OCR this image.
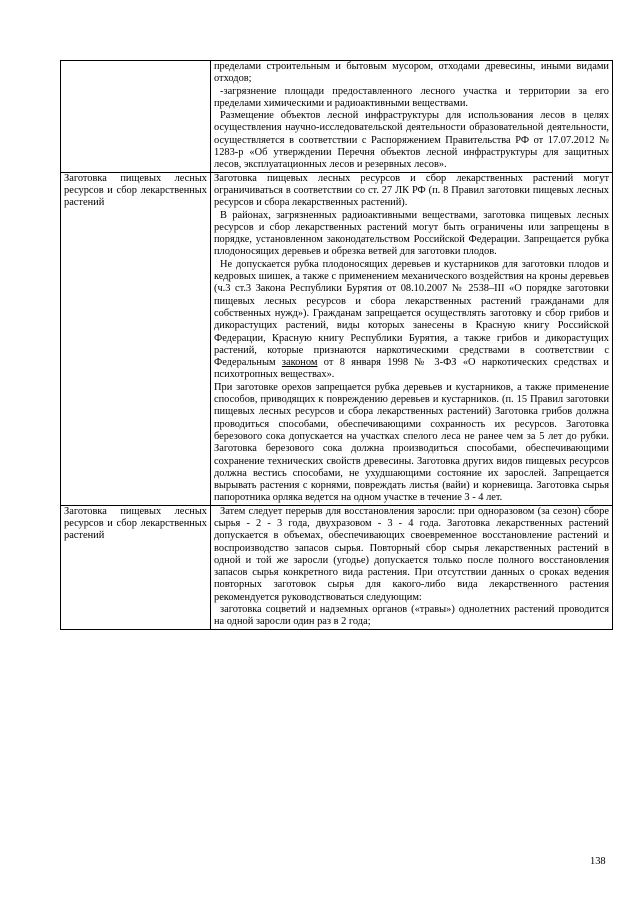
	пределами строительным и бытовым мусором, отходами древесины, иными видами отходов;

-загрязнение площади предоставленного лесного участка и территории за его пределами химическими и радиоактивными веществами.

Размещение объектов лесной инфраструктуры для использования лесов в целях осуществления научно-исследовательской деятельности образовательной деятельности, осуществляется в соответствии с Распоряжением Правительства РФ от 17.07.2012 № 1283-р «Об утверждении Перечня объектов лесной инфраструктуры для защитных лесов, эксплуатационных лесов и резервных лесов».

Заготовка пищевых лесных ресурсов и сбор лекарственных растений	Заготовка пищевых лесных ресурсов и сбор лекарственных растений могут ограничиваться в соответствии со ст. 27 ЛК РФ (п. 8 Правил заготовки пищевых лесных ресурсов и сбора лекарственных растений).

В районах, загрязненных радиоактивными веществами, заготовка пищевых лесных ресурсов и сбор лекарственных растений могут быть ограничены или запрещены в порядке, установленном законодательством Российской Федерации. Запрещается рубка плодоносящих деревьев и обрезка ветвей для заготовки плодов.

Не допускается рубка плодоносящих деревьев и кустарников для заготовки плодов и кедровых шишек, а также с применением механического воздействия на кроны деревьев (ч.3 ст.3 Закона Республики Бурятия от 08.10.2007 № 2538–III «О порядке заготовки пищевых лесных ресурсов и сбора лекарственных растений гражданами для собственных нужд»). Гражданам запрещается осуществлять заготовку и сбор грибов и дикорастущих растений, виды которых занесены в Красную книгу Российской Федерации, Красную книгу Республики Бурятия, а также грибов и дикорастущих растений, которые признаются наркотическими средствами в соответствии с Федеральным законом от 8 января 1998 № 3-ФЗ «О наркотических средствах и психотропных веществах».

При заготовке орехов запрещается рубка деревьев и кустарников, а также применение способов, приводящих к повреждению деревьев и кустарников. (п. 15 Правил заготовки пищевых лесных ресурсов и сбора лекарственных растений) Заготовка грибов должна проводиться способами, обеспечивающими сохранность их ресурсов. Заготовка березового сока допускается на участках спелого леса не ранее чем за 5 лет до рубки. Заготовка березового сока должна производиться способами, обеспечивающими сохранение технических свойств древесины. Заготовка других видов пищевых ресурсов должна вестись способами, не ухудшающими состояние их зарослей. Запрещается вырывать растения с корнями, повреждать листья (вайи) и корневища. Заготовка сырья папоротника орляка ведется на одном участке в течение 3 - 4 лет.

Заготовка пищевых лесных ресурсов и сбор лекарственных растений	Затем следует перерыв для восстановления заросли: при одноразовом (за сезон) сборе сырья - 2 - 3 года, двухразовом - 3 - 4 года. Заготовка лекарственных растений допускается в объемах, обеспечивающих своевременное восстановление растений и воспроизводство запасов сырья. Повторный сбор сырья лекарственных растений в одной и той же заросли (угодье) допускается только после полного восстановления запасов сырья конкретного вида растения. При отсутствии данных о сроках ведения повторных заготовок сырья для какого-либо вида лекарственного растения рекомендуется руководствоваться следующим:

заготовка соцветий и надземных органов («травы») однолетних растений проводится на одной заросли один раз в 2 года;

138
